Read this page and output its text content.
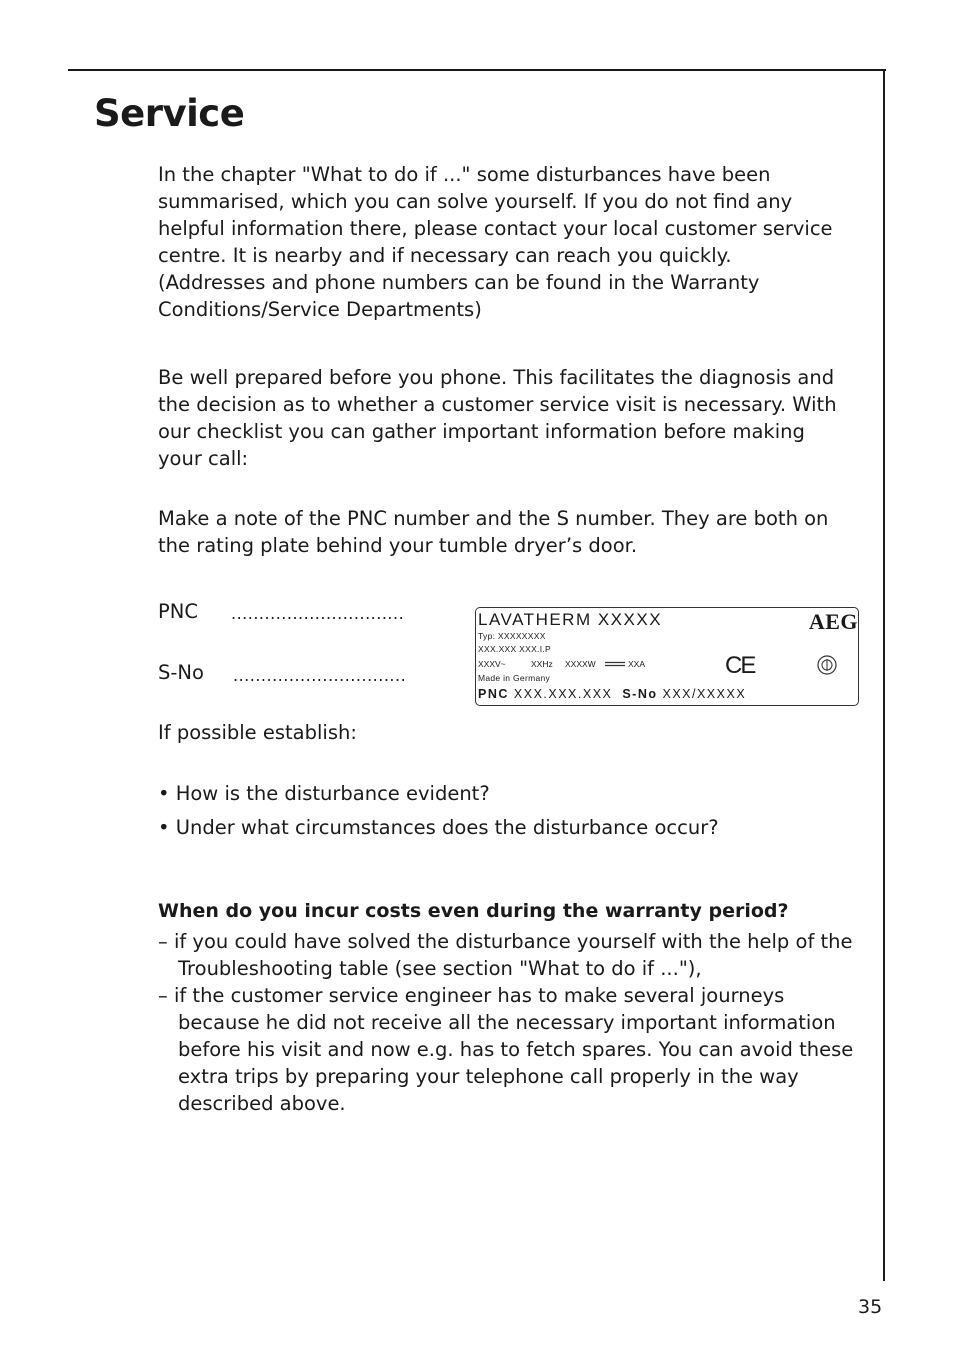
Service

In the chapter "What to do if ..." some disturbances have been
summarised, which you can solve yourself. If you do not find any
helpful information there, please contact your local customer service
centre. It is nearby and if necessary can reach you quickly.
(Addresses and phone numbers can be found in the Warranty
Conditions/Service Departments)

Be well prepared before you phone. This facilitates the diagnosis and
the decision as to whether a customer service visit is necessary. With
our checklist you can gather important information before making
your call:

Make a note of the PNC number and the S number. They are both on
the rating plate behind your tumble dryer’s door.

PNC ...............................
S-No ...............................
LAVATHERM XXXXX	AEG
Typ: XXXXXXXX
XXX.XXX XXX.I.P
XXXV~	XXHz XXXXW	XXA
Made in Germany	CE
PNC XXX.XXX.XXX S-No XXX/XXXXX
If possible establish:
• How is the disturbance evident?
• Under what circumstances does the disturbance occur?
When do you incur costs even during the warranty period?
– if you could have solved the disturbance yourself with the help of the Troubleshooting table (see section "What to do if ..."),
– if the customer service engineer has to make several journeys because he did not receive all the necessary important information before his visit and now e.g. has to fetch spares. You can avoid these extra trips by preparing your telephone call properly in the way described above.
35
